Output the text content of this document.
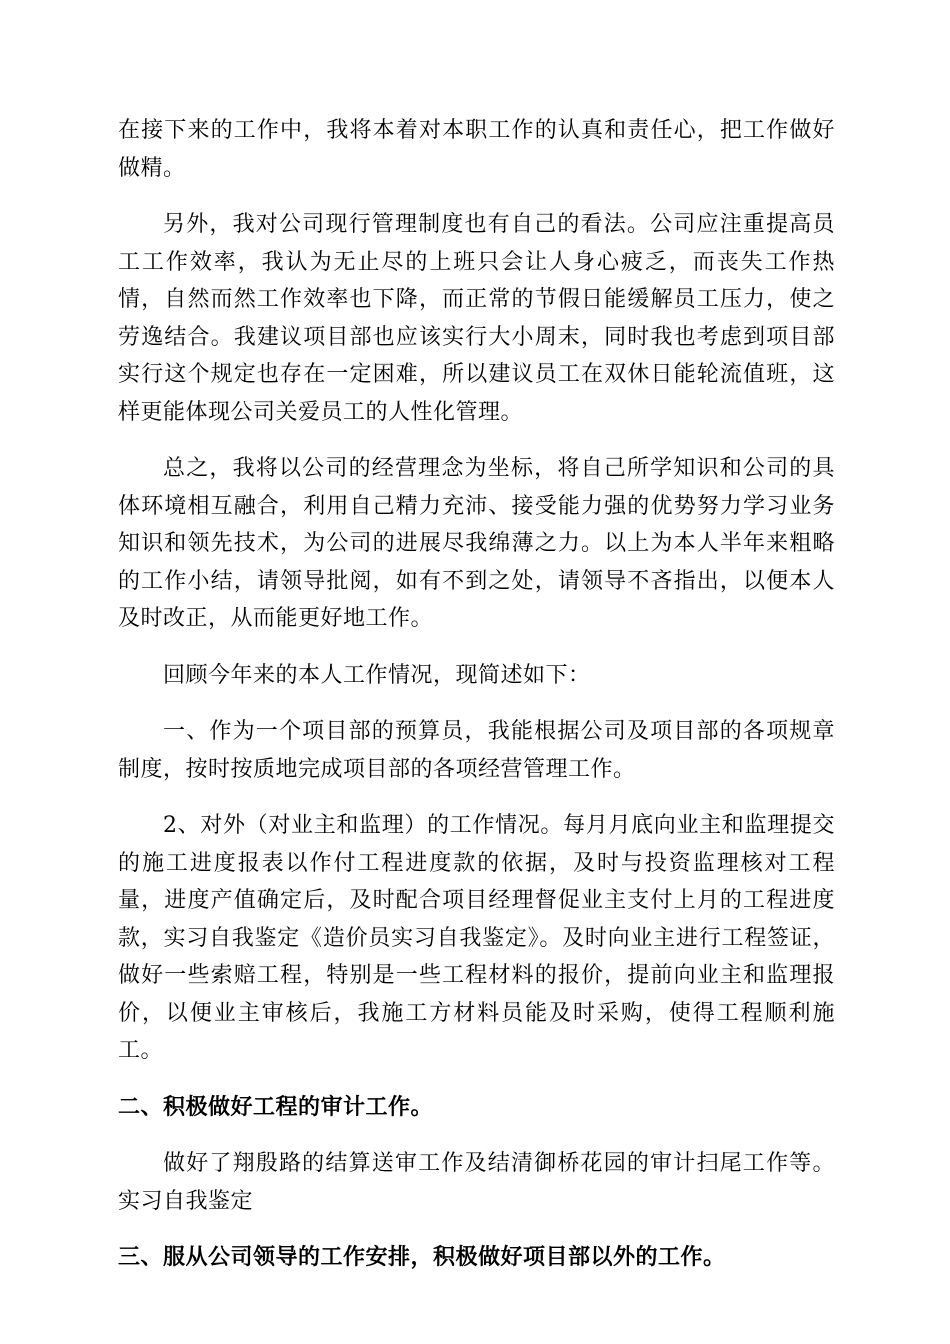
在接下来的工作中，我将本着对本职工作的认真和责任心，把工作做好做精。

另外，我对公司现行管理制度也有自己的看法。公司应注重提高员工工作效率，我认为无止尽的上班只会让人身心疲乏，而丧失工作热情，自然而然工作效率也下降，而正常的节假日能缓解员工压力，使之劳逸结合。我建议项目部也应该实行大小周末，同时我也考虑到项目部实行这个规定也存在一定困难，所以建议员工在双休日能轮流值班，这样更能体现公司关爱员工的人性化管理。

总之，我将以公司的经营理念为坐标，将自己所学知识和公司的具体环境相互融合，利用自己精力充沛、接受能力强的优势努力学习业务知识和领先技术，为公司的进展尽我绵薄之力。以上为本人半年来粗略的工作小结，请领导批阅，如有不到之处，请领导不吝指出，以便本人及时改正，从而能更好地工作。

回顾今年来的本人工作情况，现简述如下：

一、作为一个项目部的预算员，我能根据公司及项目部的各项规章制度，按时按质地完成项目部的各项经营管理工作。

2、对外（对业主和监理）的工作情况。每月月底向业主和监理提交的施工进度报表以作付工程进度款的依据，及时与投资监理核对工程量，进度产值确定后，及时配合项目经理督促业主支付上月的工程进度款，实习自我鉴定《造价员实习自我鉴定》。及时向业主进行工程签证，做好一些索赔工程，特别是一些工程材料的报价，提前向业主和监理报价，以便业主审核后，我施工方材料员能及时采购，使得工程顺利施工。

二、积极做好工程的审计工作。

做好了翔殷路的结算送审工作及结清御桥花园的审计扫尾工作等。实习自我鉴定

三、服从公司领导的工作安排，积极做好项目部以外的工作。
